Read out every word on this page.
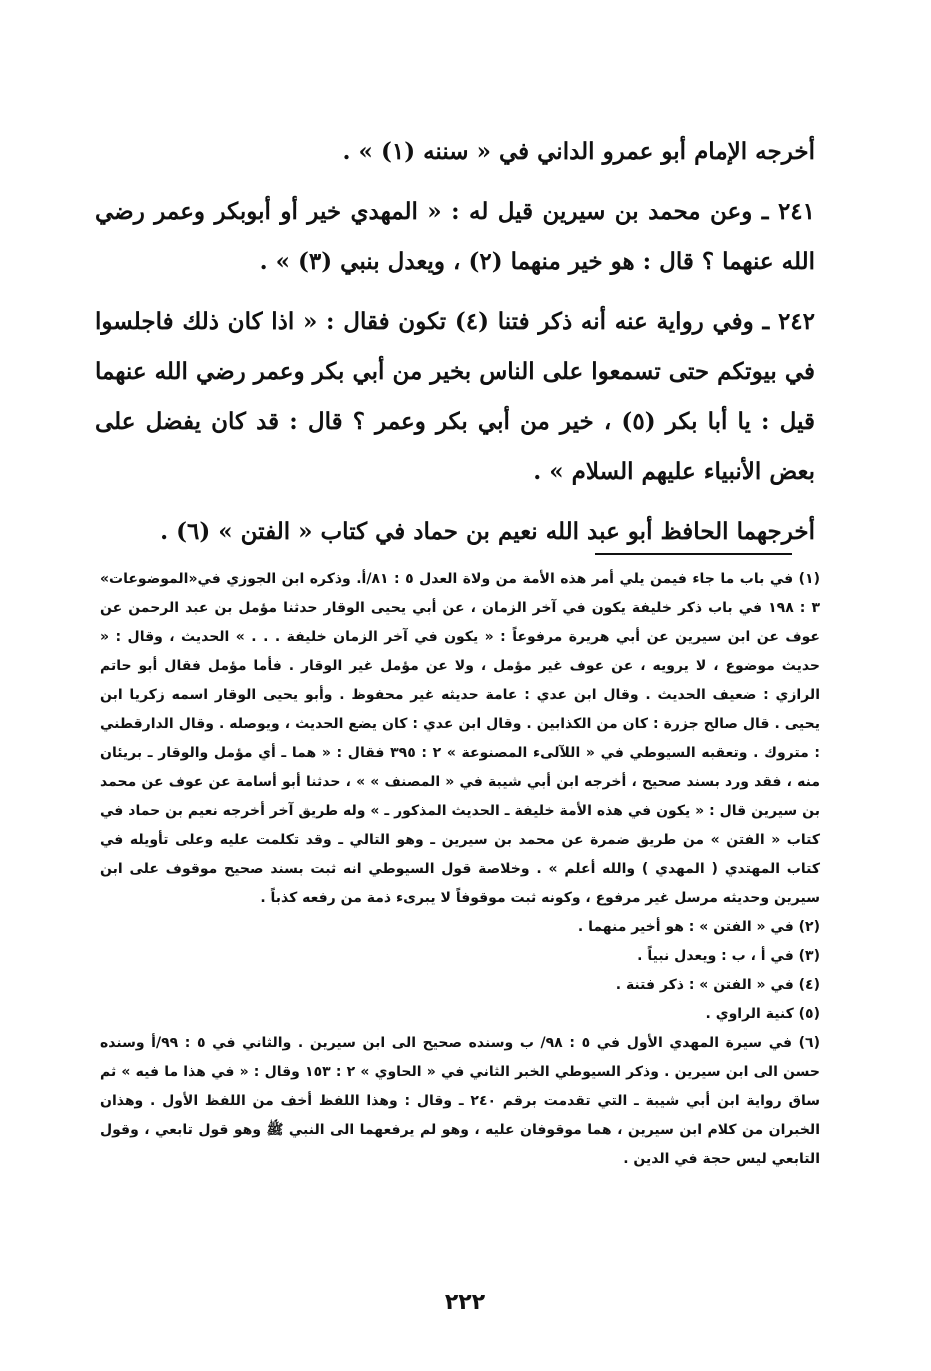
أخرجه الإمام أبو عمرو الداني في « سننه (١) » .

٢٤١ ـ وعن محمد بن سيرين قيل له : « المهدي خير أو أبوبكر وعمر رضي الله عنهما ؟ قال : هو خير منهما (٢) ، ويعدل بنبي (٣) » .

٢٤٢ ـ وفي رواية عنه أنه ذكر فتنا (٤) تكون فقال : « اذا كان ذلك فاجلسوا في بيوتكم حتى تسمعوا على الناس بخير من أبي بكر وعمر رضي الله عنهما قيل : يا أبا بكر (٥) ، خير من أبي بكر وعمر ؟ قال : قد كان يفضل على بعض الأنبياء عليهم السلام » .

أخرجهما الحافظ أبو عبد الله نعيم بن حماد في كتاب « الفتن » (٦) .

(١) في باب ما جاء فيمن يلي أمر هذه الأمة من ولاة العدل ٥ : ٨١/أ. وذكره ابن الجوزي في«الموضوعات» ٣ : ١٩٨ في باب ذكر خليفة يكون في آخر الزمان ، عن أبي يحيى الوقار حدثنا مؤمل بن عبد الرحمن عن عوف عن ابن سيرين عن أبي هريرة مرفوعاً : « يكون في آخر الزمان خليفة . . . » الحديث ، وقال : « حديث موضوع ، لا يرويه ، عن عوف غير مؤمل ، ولا عن مؤمل غير الوقار . فأما مؤمل فقال أبو حاتم الرازي : ضعيف الحديث . وقال ابن عدي : عامة حديثه غير محفوظ . وأبو يحيى الوقار اسمه زكريا ابن يحيى . قال صالح جزرة : كان من الكذابين . وقال ابن عدي : كان يضع الحديث ، ويوصله . وقال الدارقطني : متروك . وتعقبه السيوطي في « اللآلىء المصنوعة » ٢ : ٣٩٥ فقال : « هما ـ أي مؤمل والوقار ـ بريئان منه ، فقد ورد بسند صحيح ، أخرجه ابن أبي شيبة في « المصنف » » ، حدثنا أبو أسامة عن عوف عن محمد بن سيرين قال : « يكون في هذه الأمة خليفة ـ الحديث المذكور ـ » وله طريق آخر أخرجه نعيم بن حماد في كتاب « الفتن » من طريق ضمرة عن محمد بن سيرين ـ وهو التالي ـ وقد تكلمت عليه وعلى تأويله في كتاب المهتدي ( المهدي ) والله أعلم » . وخلاصة قول السيوطي انه ثبت بسند صحيح موقوف على ابن سيرين وحديثه مرسل غير مرفوع ، وكونه ثبت موقوفاً لا يبرىء ذمة من رفعه كذباً .

(٢) في « الفتن » : هو أخير منهما .

(٣) في أ ، ب : ويعدل نبياً .

(٤) في « الفتن » : ذكر فتنة .

(٥) كنية الراوي .

(٦) في سيرة المهدي الأول في ٥ : ٩٨/ ب وسنده صحيح الى ابن سيرين . والثاني في ٥ : ٩٩/أ وسنده حسن الى ابن سيرين . وذكر السيوطي الخبر الثاني في « الحاوي » ٢ : ١٥٣ وقال : « في هذا ما فيه » ثم ساق رواية ابن أبي شيبة ـ التي تقدمت برقم ٢٤٠ ـ وقال : وهذا اللفظ أخف من اللفظ الأول . وهذان الخبران من كلام ابن سيرين ، هما موقوفان عليه ، وهو لم يرفعهما الى النبي ﷺ وهو قول تابعي ، وقول التابعي ليس حجة في الدين .

٢٢٢
